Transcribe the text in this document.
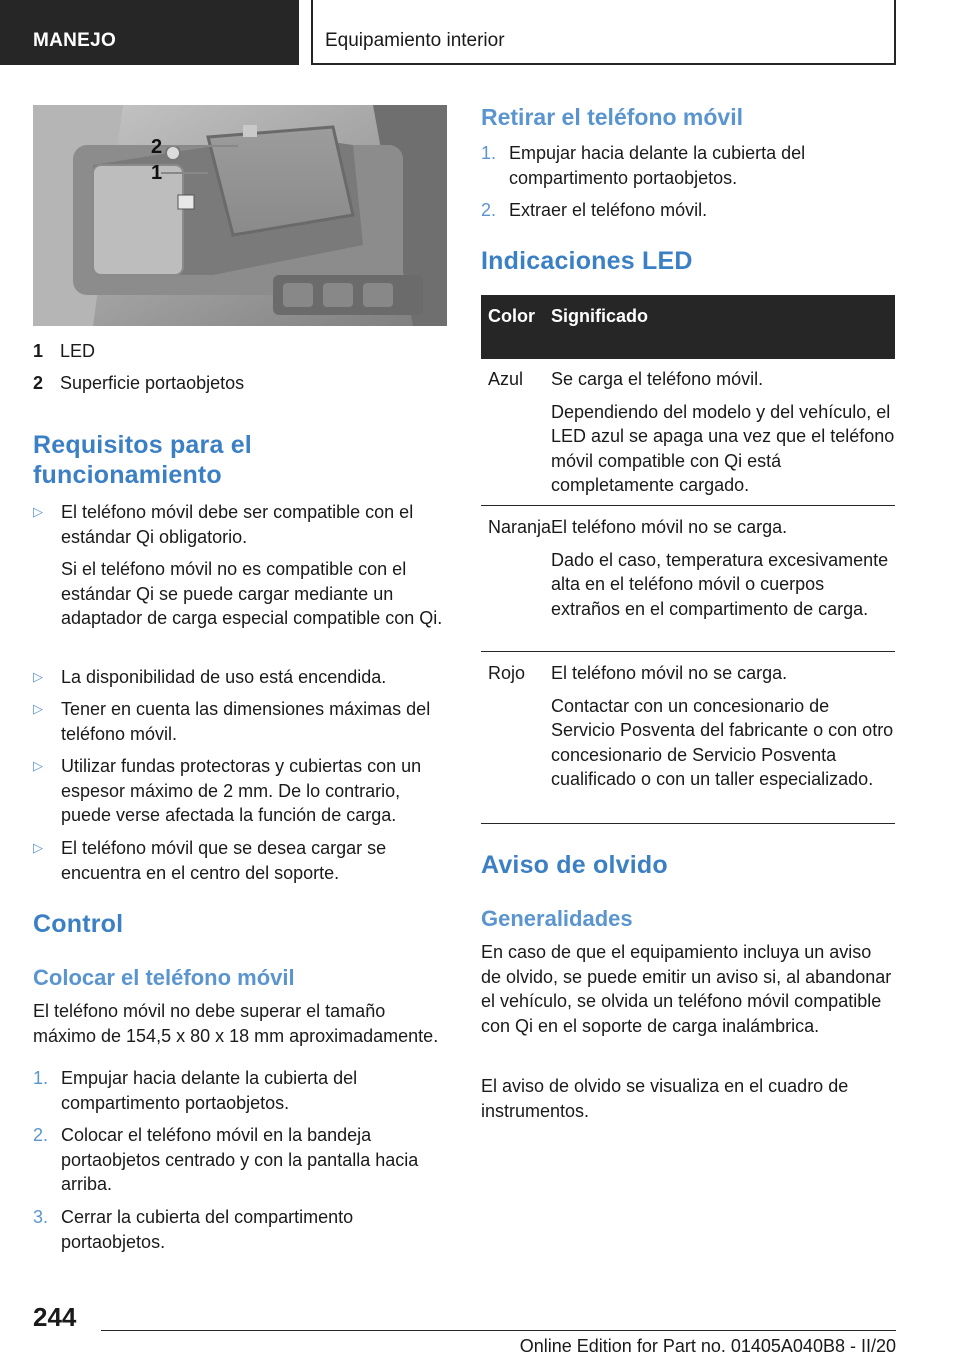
MANEJO	Equipamiento interior
2
1
1 LED
2 Superficie portaobjetos
Requisitos para el
funcionamiento
▷ El teléfono móvil debe ser compatible con el estándar Qi obligatorio.

Si el teléfono móvil no es compatible con el estándar Qi se puede cargar mediante un adaptador de carga especial compatible con Qi.

▷ La disponibilidad de uso está encendida.

▷ Tener en cuenta las dimensiones máximas del teléfono móvil.

▷ Utilizar fundas protectoras y cubiertas con un espesor máximo de 2 mm. De lo contrario, puede verse afectada la función de carga.

▷ El teléfono móvil que se desea cargar se encuentra en el centro del soporte.

Control
Colocar el teléfono móvil
El teléfono móvil no debe superar el tamaño máximo de 154,5 x 80 x 18 mm aproximadamente.
1. Empujar hacia delante la cubierta del compartimento portaobjetos.
2. Colocar el teléfono móvil en la bandeja portaobjetos centrado y con la pantalla hacia arriba.
3. Cerrar la cubierta del compartimento portaobjetos.
Retirar el teléfono móvil
1. Empujar hacia delante la cubierta del compartimento portaobjetos.
2. Extraer el teléfono móvil.
Indicaciones LED
Color Significado
Azul	Se carga el teléfono móvil.

Dependiendo del modelo y del vehículo, el LED azul se apaga una vez que el teléfono móvil compatible con Qi está completamente cargado.

Naranja El teléfono móvil no se carga.

Dado el caso, temperatura excesivamente alta en el teléfono móvil o cuerpos extraños en el compartimento de carga.

Rojo	El teléfono móvil no se carga.

Contactar con un concesionario de Servicio Posventa del fabricante o con otro concesionario de Servicio Posventa cualificado o con un taller especializado.

Aviso de olvido
Generalidades
En caso de que el equipamiento incluya un aviso de olvido, se puede emitir un aviso si, al abandonar el vehículo, se olvida un teléfono móvil compatible con Qi en el soporte de carga inalámbrica.
El aviso de olvido se visualiza en el cuadro de instrumentos.
244
Online Edition for Part no. 01405A040B8 - II/20
